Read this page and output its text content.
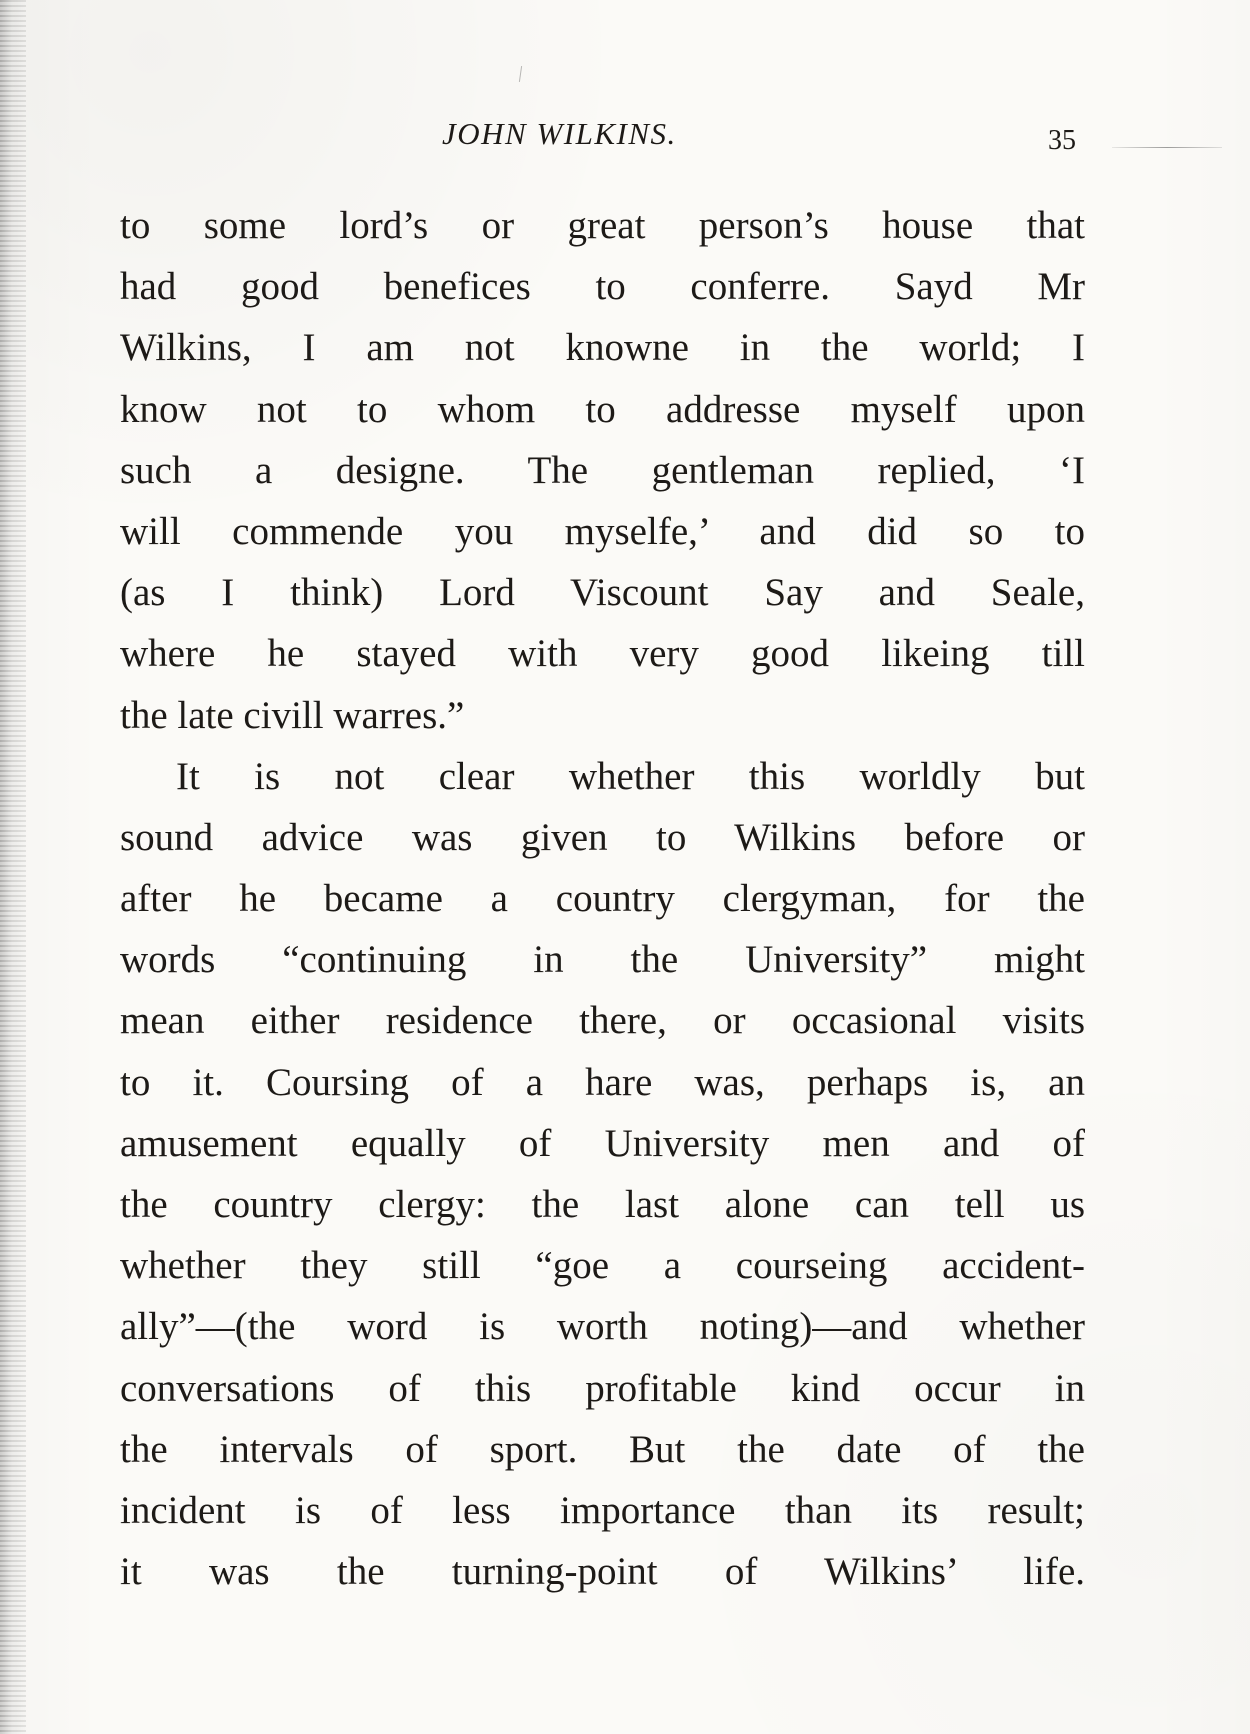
JOHN WILKINS.	35
to some lord’s or great person’s house that
had good benefices to conferre. Sayd Mr
Wilkins, I am not knowne in the world; I
know not to whom to addresse myself upon
such a designe. The gentleman replied, ‘I
will commende you myselfe,’ and did so to
(as I think) Lord Viscount Say and Seale,
where he stayed with very good likeing till
the late civill warres.”
It is not clear whether this worldly but
sound advice was given to Wilkins before or
after he became a country clergyman, for the
words “continuing in the University” might
mean either residence there, or occasional visits
to it. Coursing of a hare was, perhaps is, an
amusement equally of University men and of
the country clergy: the last alone can tell us
whether they still “goe a courseing accident-
ally”—(the word is worth noting)—and whether
conversations of this profitable kind occur in
the intervals of sport. But the date of the
incident is of less importance than its result;
it was the turning-point of Wilkins’ life.
